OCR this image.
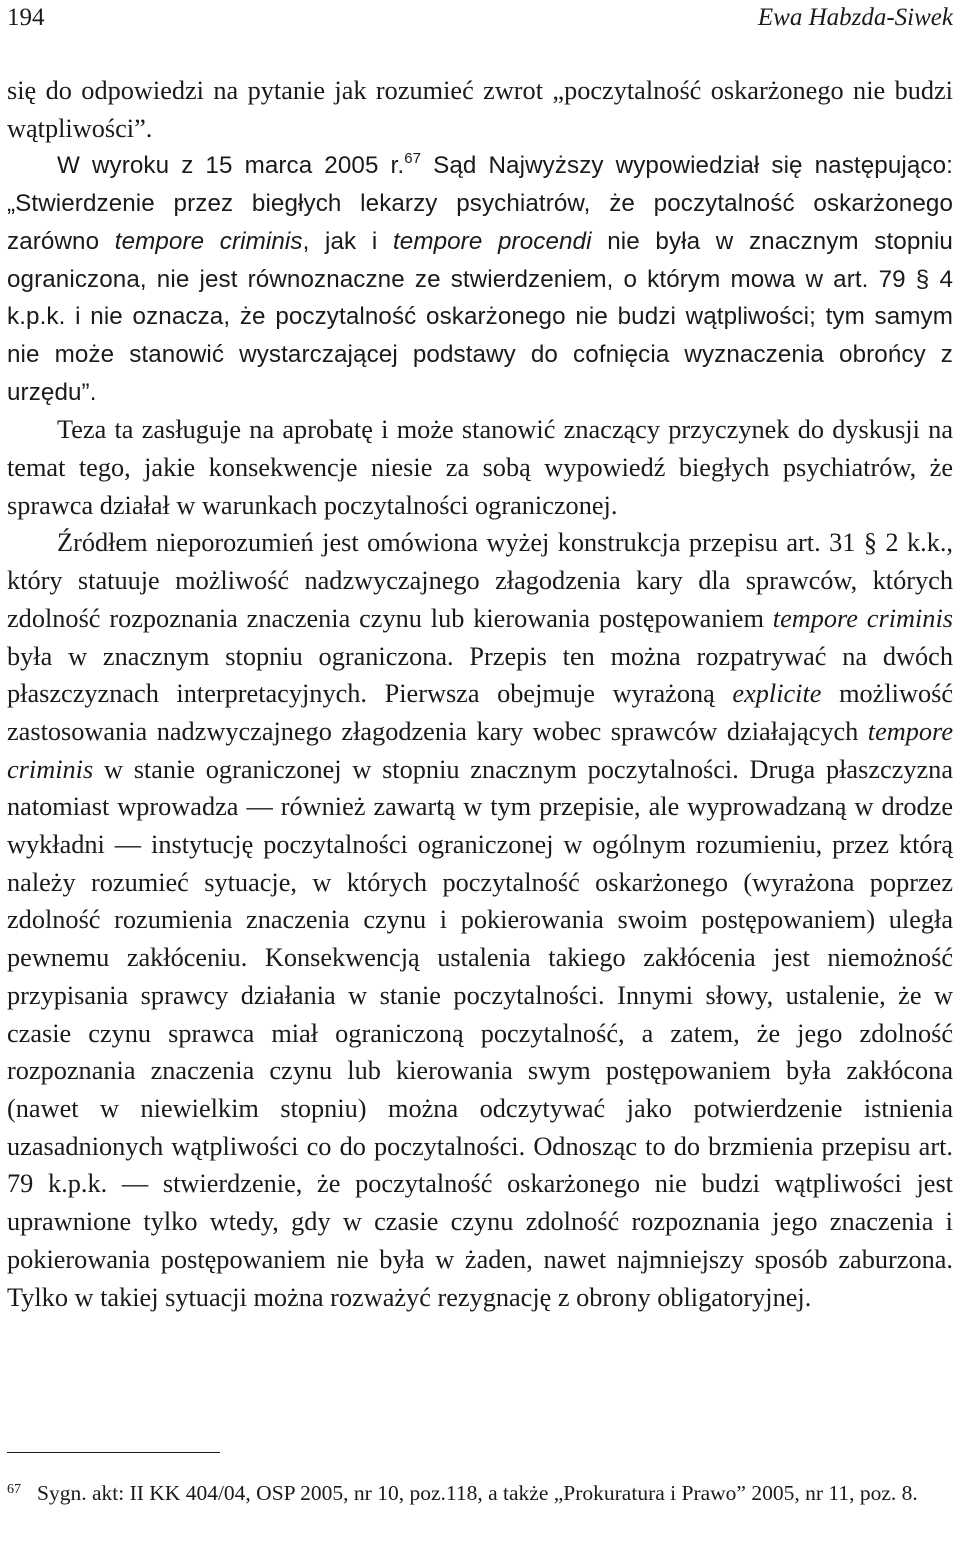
194	Ewa Habzda-Siwek

się do odpowiedzi na pytanie jak rozumieć zwrot „poczytalność oskarżonego nie budzi wątpliwości”.

W wyroku z 15 marca 2005 r.$^{67}$ Sąd Najwyższy wypowiedział się następująco: „Stwierdzenie przez biegłych lekarzy psychiatrów, że poczytalność oskarżonego zarówno tempore criminis, jak i tempore procendi nie była w znacznym stopniu ograniczona, nie jest równoznaczne ze stwierdzeniem, o którym mowa w art. 79 § 4 k.p.k. i nie oznacza, że poczytalność oskarżonego nie budzi wątpliwości; tym samym nie może stanowić wystarczającej podstawy do cofnięcia wyznaczenia obrońcy z urzędu”.

Teza ta zasługuje na aprobatę i może stanowić znaczący przyczynek do dyskusji na temat tego, jakie konsekwencje niesie za sobą wypowiedź biegłych psychiatrów, że sprawca działał w warunkach poczytalności ograniczonej.

Źródłem nieporozumień jest omówiona wyżej konstrukcja przepisu art. 31 § 2 k.k., który statuuje możliwość nadzwyczajnego złagodzenia kary dla sprawców, których zdolność rozpoznania znaczenia czynu lub kierowania postępowaniem tempore criminis była w znacznym stopniu ograniczona. Przepis ten można rozpatrywać na dwóch płaszczyznach interpretacyjnych. Pierwsza obejmuje wyrażoną explicite możliwość zastosowania nadzwyczajnego złagodzenia kary wobec sprawców działających tempore criminis w stanie ograniczonej w stopniu znacznym poczytalności. Druga płaszczyzna natomiast wprowadza — również zawartą w tym przepisie, ale wyprowadzaną w drodze wykładni — instytucję poczytalności ograniczonej w ogólnym rozumieniu, przez którą należy rozumieć sytuacje, w których poczytalność oskarżonego (wyrażona poprzez zdolność rozumienia znaczenia czynu i pokierowania swoim postępowaniem) uległa pewnemu zakłóceniu. Konsekwencją ustalenia takiego zakłócenia jest niemożność przypisania sprawcy działania w stanie poczytalności. Innymi słowy, ustalenie, że w czasie czynu sprawca miał ograniczoną poczytalność, a zatem, że jego zdolność rozpoznania znaczenia czynu lub kierowania swym postępowaniem była zakłócona (nawet w niewielkim stopniu) można odczytywać jako potwierdzenie istnienia uzasadnionych wątpliwości co do poczytalności. Odnosząc to do brzmienia przepisu art. 79 k.p.k. — stwierdzenie, że poczytalność oskarżonego nie budzi wątpliwości jest uprawnione tylko wtedy, gdy w czasie czynu zdolność rozpoznania jego znaczenia i pokierowania postępowaniem nie była w żaden, nawet najmniejszy sposób zaburzona. Tylko w takiej sytuacji można rozważyć rezygnację z obrony obligatoryjnej.

67 Sygn. akt: II KK 404/04, OSP 2005, nr 10, poz.118, a także „Prokuratura i Prawo” 2005, nr 11, poz. 8.
